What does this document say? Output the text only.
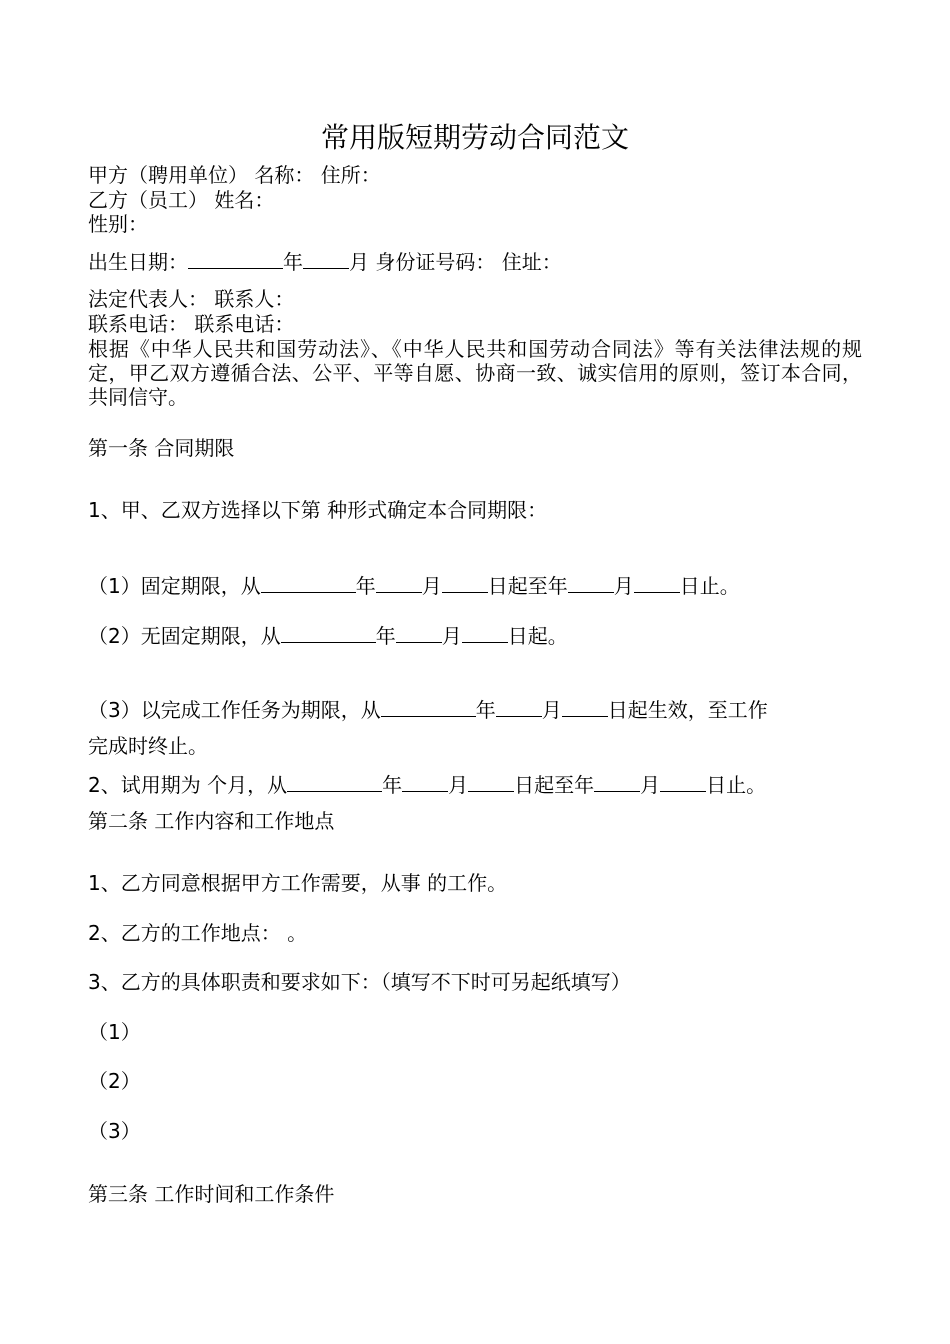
常用版短期劳动合同范文

甲方（聘用单位） 名称： 住所：

乙方（员工） 姓名：

性别：

出生日期：	年 月 身份证号码： 住址：

法定代表人： 联系人：

联系电话： 联系电话：

根据《中华人民共和国劳动法》、《中华人民共和国劳动合同法》等有关法律法规的规定，甲乙双方遵循合法、公平、平等自愿、协商一致、诚实信用的原则，签订本合同，共同信守。

第一条 合同期限

1、甲、乙双方选择以下第 种形式确定本合同期限：

（1）固定期限，从	年 月 日起至年 月 日止。

（2）无固定期限，从	年 月 日起。

（3）以完成工作任务为期限，从	年 月 日起生效，至工作

完成时终止。

2、试用期为 个月，从	年 月 日起至年 月 日止。

第二条 工作内容和工作地点

1、乙方同意根据甲方工作需要，从事 的工作。

2、乙方的工作地点： 。

3、乙方的具体职责和要求如下：（填写不下时可另起纸填写）

（1）

（2）

（3）

第三条 工作时间和工作条件
